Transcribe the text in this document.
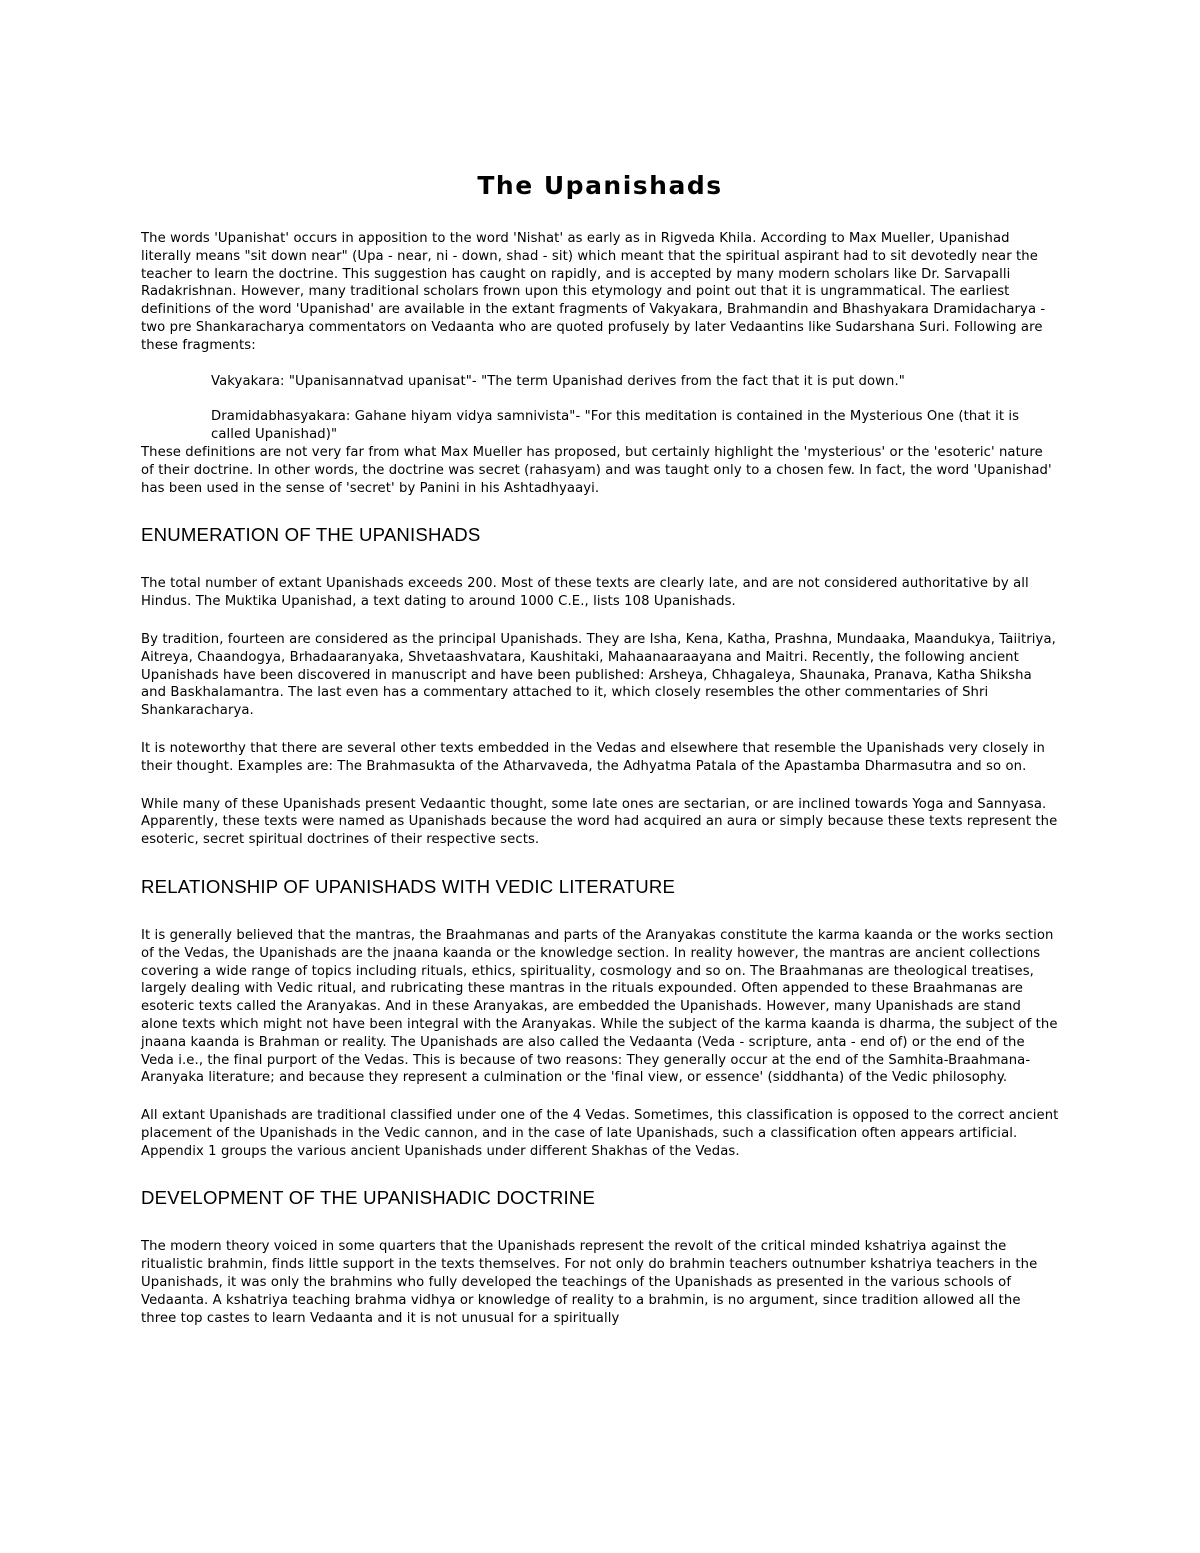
The Upanishads

The words 'Upanishat' occurs in apposition to the word 'Nishat' as early as in Rigveda Khila. According to Max Mueller, Upanishad literally means "sit down near" (Upa - near, ni - down, shad - sit) which meant that the spiritual aspirant had to sit devotedly near the teacher to learn the doctrine. This suggestion has caught on rapidly, and is accepted by many modern scholars like Dr. Sarvapalli Radakrishnan. However, many traditional scholars frown upon this etymology and point out that it is ungrammatical. The earliest definitions of the word 'Upanishad' are available in the extant fragments of Vakyakara, Brahmandin and Bhashyakara Dramidacharya - two pre Shankaracharya commentators on Vedaanta who are quoted profusely by later Vedaantins like Sudarshana Suri. Following are these fragments:

Vakyakara: "Upanisannatvad upanisat"- "The term Upanishad derives from the fact that it is put down."

Dramidabhasyakara: Gahane hiyam vidya samnivista"- "For this meditation is contained in the Mysterious One (that it is called Upanishad)"

These definitions are not very far from what Max Mueller has proposed, but certainly highlight the 'mysterious' or the 'esoteric' nature of their doctrine. In other words, the doctrine was secret (rahasyam) and was taught only to a chosen few. In fact, the word 'Upanishad' has been used in the sense of 'secret' by Panini in his Ashtadhyaayi.

ENUMERATION OF THE UPANISHADS

The total number of extant Upanishads exceeds 200. Most of these texts are clearly late, and are not considered authoritative by all Hindus. The Muktika Upanishad, a text dating to around 1000 C.E., lists 108 Upanishads.

By tradition, fourteen are considered as the principal Upanishads. They are Isha, Kena, Katha, Prashna, Mundaaka, Maandukya, Taiitriya, Aitreya, Chaandogya, Brhadaaranyaka, Shvetaashvatara, Kaushitaki, Mahaanaaraayana and Maitri. Recently, the following ancient Upanishads have been discovered in manuscript and have been published: Arsheya, Chhagaleya, Shaunaka, Pranava, Katha Shiksha and Baskhalamantra. The last even has a commentary attached to it, which closely resembles the other commentaries of Shri Shankaracharya.

It is noteworthy that there are several other texts embedded in the Vedas and elsewhere that resemble the Upanishads very closely in their thought. Examples are: The Brahmasukta of the Atharvaveda, the Adhyatma Patala of the Apastamba Dharmasutra and so on.

While many of these Upanishads present Vedaantic thought, some late ones are sectarian, or are inclined towards Yoga and Sannyasa. Apparently, these texts were named as Upanishads because the word had acquired an aura or simply because these texts represent the esoteric, secret spiritual doctrines of their respective sects.

RELATIONSHIP OF UPANISHADS WITH VEDIC LITERATURE

It is generally believed that the mantras, the Braahmanas and parts of the Aranyakas constitute the karma kaanda or the works section of the Vedas, the Upanishads are the jnaana kaanda or the knowledge section. In reality however, the mantras are ancient collections covering a wide range of topics including rituals, ethics, spirituality, cosmology and so on. The Braahmanas are theological treatises, largely dealing with Vedic ritual, and rubricating these mantras in the rituals expounded. Often appended to these Braahmanas are esoteric texts called the Aranyakas. And in these Aranyakas, are embedded the Upanishads. However, many Upanishads are stand alone texts which might not have been integral with the Aranyakas. While the subject of the karma kaanda is dharma, the subject of the jnaana kaanda is Brahman or reality. The Upanishads are also called the Vedaanta (Veda - scripture, anta - end of) or the end of the Veda i.e., the final purport of the Vedas. This is because of two reasons: They generally occur at the end of the Samhita-Braahmana-Aranyaka literature; and because they represent a culmination or the 'final view, or essence' (siddhanta) of the Vedic philosophy.

All extant Upanishads are traditional classified under one of the 4 Vedas. Sometimes, this classification is opposed to the correct ancient placement of the Upanishads in the Vedic cannon, and in the case of late Upanishads, such a classification often appears artificial. Appendix 1 groups the various ancient Upanishads under different Shakhas of the Vedas.

DEVELOPMENT OF THE UPANISHADIC DOCTRINE

The modern theory voiced in some quarters that the Upanishads represent the revolt of the critical minded kshatriya against the ritualistic brahmin, finds little support in the texts themselves. For not only do brahmin teachers outnumber kshatriya teachers in the Upanishads, it was only the brahmins who fully developed the teachings of the Upanishads as presented in the various schools of Vedaanta. A kshatriya teaching brahma vidhya or knowledge of reality to a brahmin, is no argument, since tradition allowed all the three top castes to learn Vedaanta and it is not unusual for a spiritually
